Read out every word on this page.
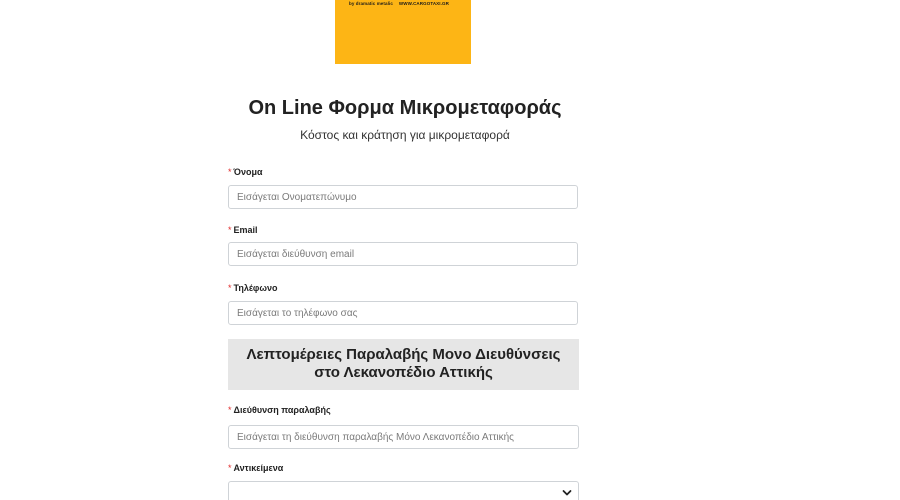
by dramatic metalic WWW.CARGOTAXI.GR
On Line Φορμα Μικρομεταφοράς
Κόστος και κράτηση για μικρομεταφορά
* Όνομα
Εισάγεται Ονοματεπώνυμο
* Email
Εισάγεται διεύθυνση email
* Τηλέφωνο
Εισάγεται το τηλέφωνο σας
Λεπτομέρειες Παραλαβής Μονο Διευθύνσεις
στο Λεκανοπέδιο Αττικής
* Διεύθυνση παραλαβής
Εισάγεται τη διεύθυνση παραλαβής Μόνο Λεκανοπέδιο Αττικής
* Αντικείμενα
